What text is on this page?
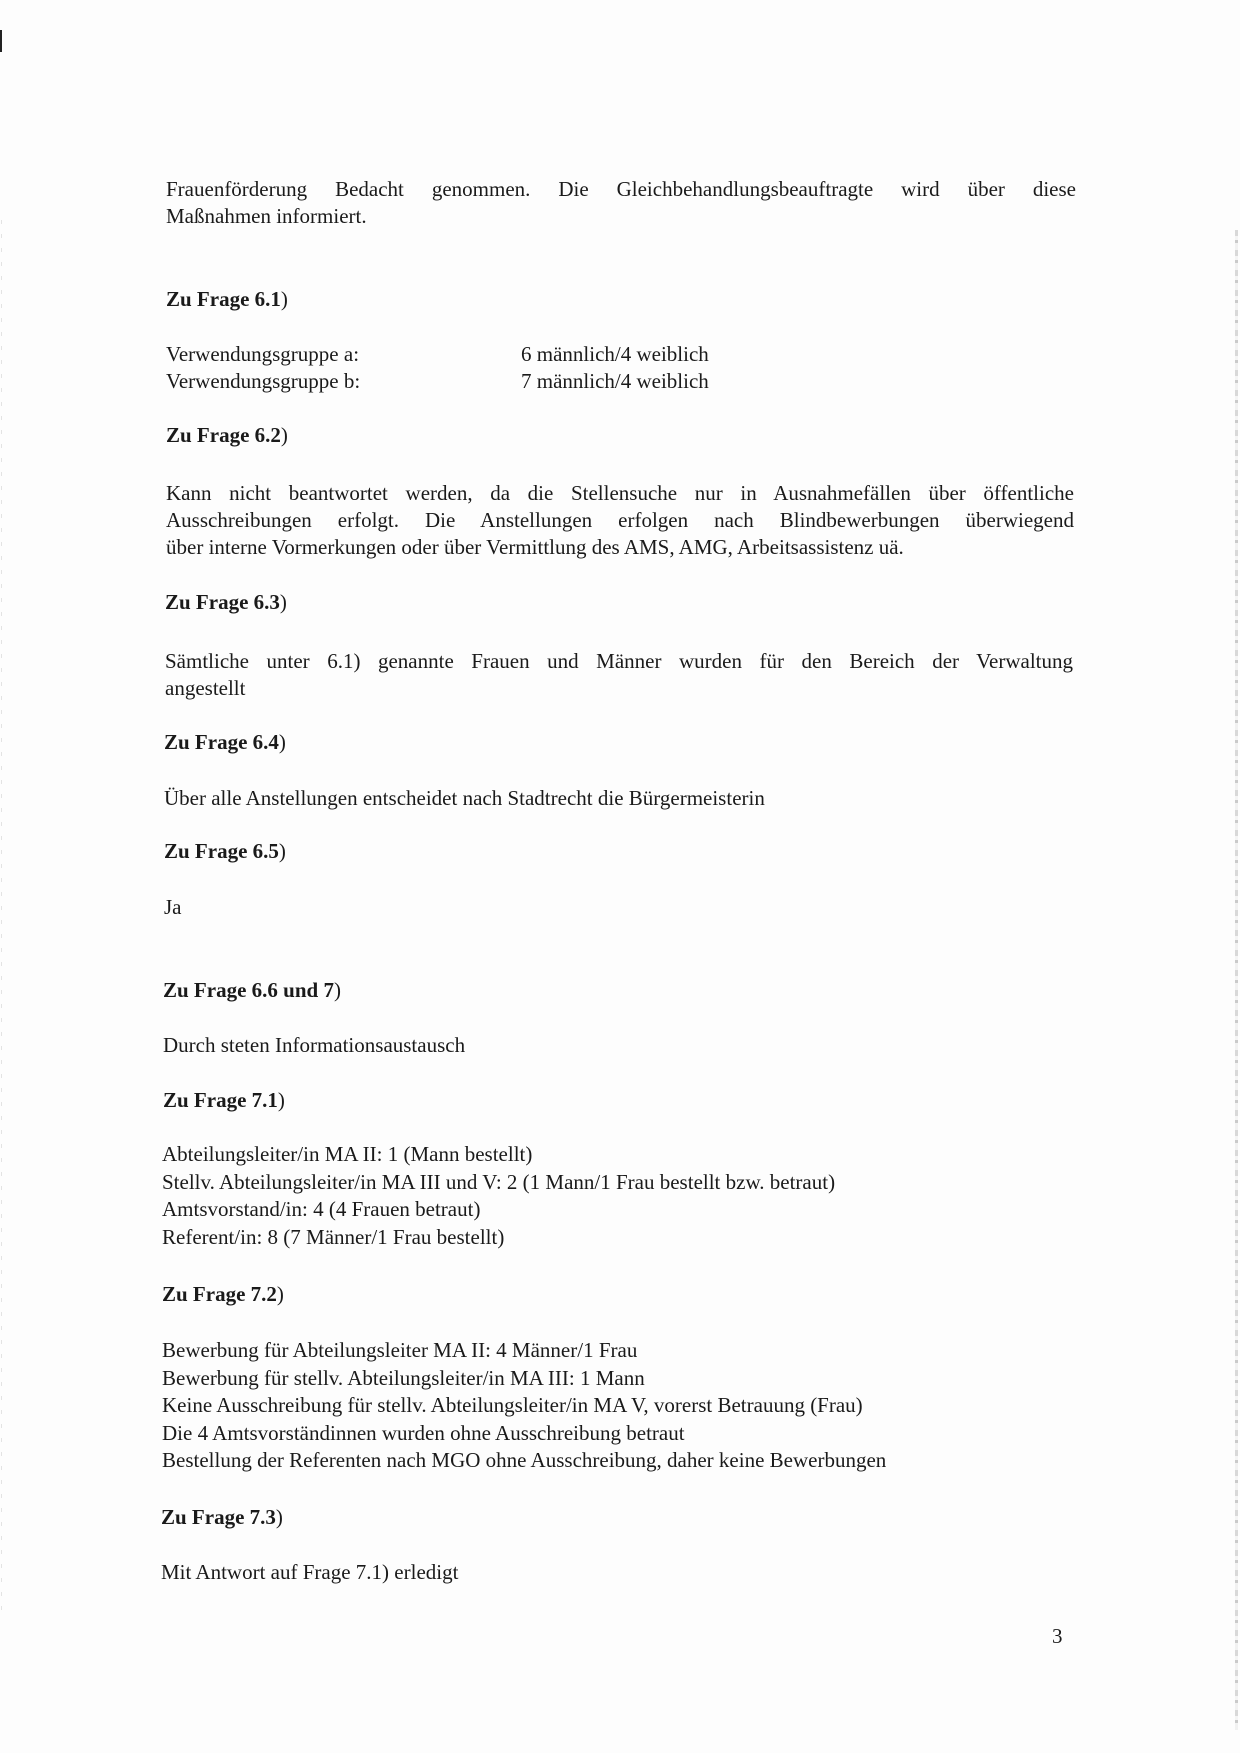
Frauenförderung Bedacht genommen. Die Gleichbehandlungsbeauftragte wird über diese
Maßnahmen informiert.
Zu Frage 6.1)
Verwendungsgruppe a:	6 männlich/4 weiblich
Verwendungsgruppe b:	7 männlich/4 weiblich
Zu Frage 6.2)
Kann nicht beantwortet werden, da die Stellensuche nur in Ausnahmefällen über öffentliche
Ausschreibungen erfolgt. Die Anstellungen erfolgen nach Blindbewerbungen überwiegend
über interne Vormerkungen oder über Vermittlung des AMS, AMG, Arbeitsassistenz uä.
Zu Frage 6.3)
Sämtliche unter 6.1) genannte Frauen und Männer wurden für den Bereich der Verwaltung
angestellt
Zu Frage 6.4)
Über alle Anstellungen entscheidet nach Stadtrecht die Bürgermeisterin
Zu Frage 6.5)
Ja
Zu Frage 6.6 und 7)
Durch steten Informationsaustausch
Zu Frage 7.1)
Abteilungsleiter/in MA II: 1 (Mann bestellt)
Stellv. Abteilungsleiter/in MA III und V: 2 (1 Mann/1 Frau bestellt bzw. betraut)
Amtsvorstand/in: 4 (4 Frauen betraut)
Referent/in: 8 (7 Männer/1 Frau bestellt)
Zu Frage 7.2)
Bewerbung für Abteilungsleiter MA II: 4 Männer/1 Frau
Bewerbung für stellv. Abteilungsleiter/in MA III: 1 Mann
Keine Ausschreibung für stellv. Abteilungsleiter/in MA V, vorerst Betrauung (Frau)
Die 4 Amtsvorständinnen wurden ohne Ausschreibung betraut
Bestellung der Referenten nach MGO ohne Ausschreibung, daher keine Bewerbungen
Zu Frage 7.3)
Mit Antwort auf Frage 7.1) erledigt
3
